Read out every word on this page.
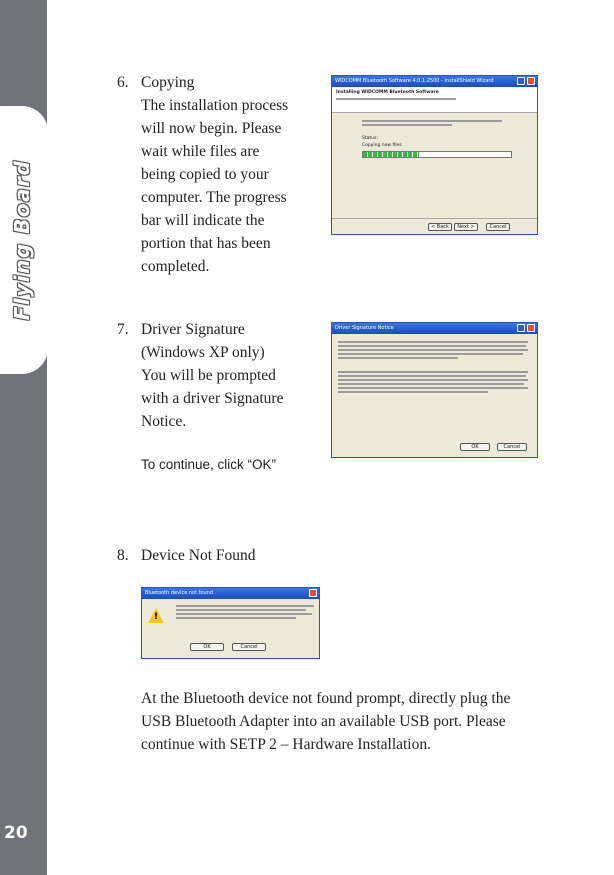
Flying Board
20
6. Copying
The installation process
will now begin. Please
wait while files are
being copied to your
computer. The progress
bar will indicate the
portion that has been
completed.
WIDCOMM Bluetooth Software 4.0.1.2500 - InstallShield Wizard
Installing WIDCOMM Bluetooth Software
Status:
Copying new files
< Back	Next >	Cancel
7. Driver Signature
(Windows XP only)
You will be prompted
with a driver Signature
Notice.
To continue, click “OK”
Driver Signature Notice
OK	Cancel
8. Device Not Found
Bluetooth device not found
!
OK	Cancel
At the Bluetooth device not found prompt, directly plug the USB Bluetooth Adapter into an available USB port. Please continue with SETP 2 – Hardware Installation.
